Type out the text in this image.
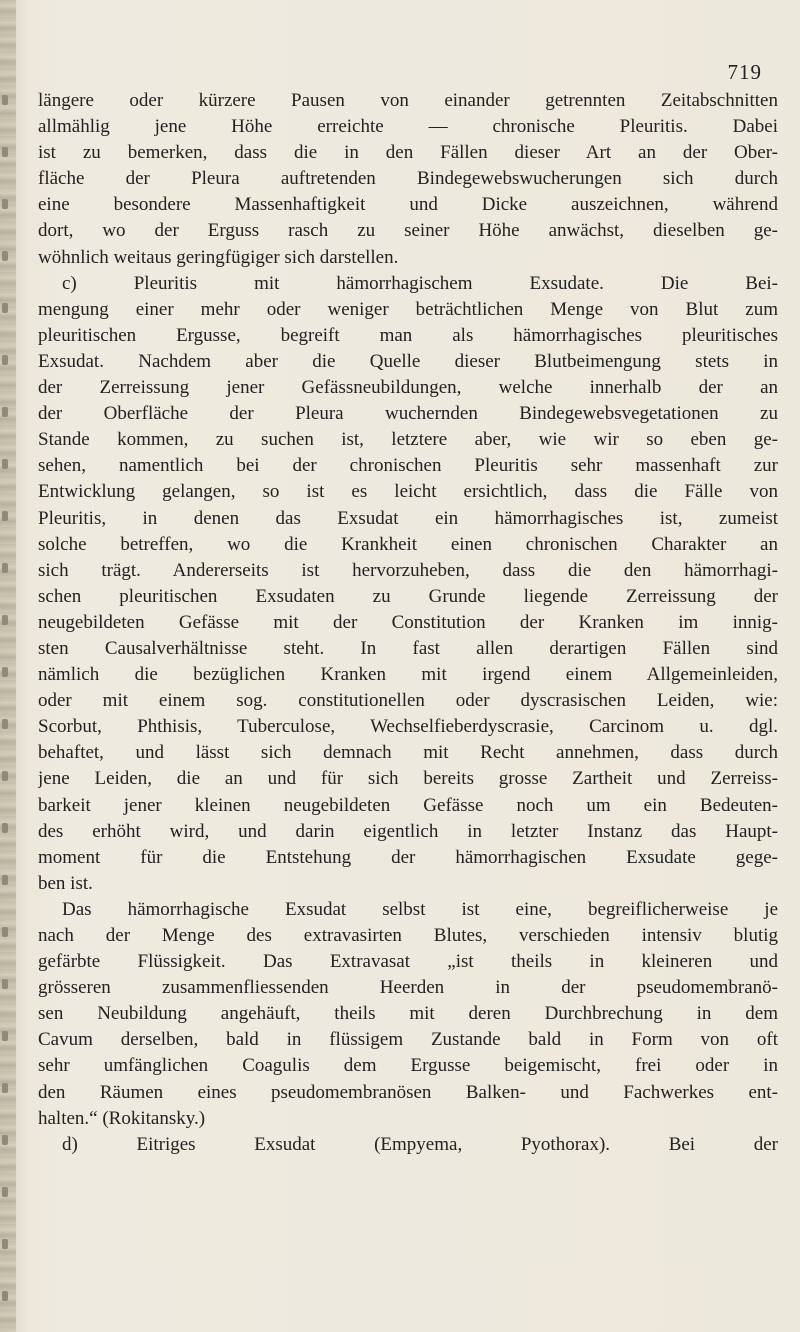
719
längere oder kürzere Pausen von einander getrennten Zeitabschnitten
allmählig jene Höhe erreichte — chronische Pleuritis. Dabei
ist zu bemerken, dass die in den Fällen dieser Art an der Ober-
fläche der Pleura auftretenden Bindegewebswucherungen sich durch
eine besondere Massenhaftigkeit und Dicke auszeichnen, während
dort, wo der Erguss rasch zu seiner Höhe anwächst, dieselben ge-
wöhnlich weitaus geringfügiger sich darstellen.
c) Pleuritis mit hämorrhagischem Exsudate. Die Bei-
mengung einer mehr oder weniger beträchtlichen Menge von Blut zum
pleuritischen Ergusse, begreift man als hämorrhagisches pleuritisches
Exsudat. Nachdem aber die Quelle dieser Blutbeimengung stets in
der Zerreissung jener Gefässneubildungen, welche innerhalb der an
der Oberfläche der Pleura wuchernden Bindegewebsvegetationen zu
Stande kommen, zu suchen ist, letztere aber, wie wir so eben ge-
sehen, namentlich bei der chronischen Pleuritis sehr massenhaft zur
Entwicklung gelangen, so ist es leicht ersichtlich, dass die Fälle von
Pleuritis, in denen das Exsudat ein hämorrhagisches ist, zumeist
solche betreffen, wo die Krankheit einen chronischen Charakter an
sich trägt. Andererseits ist hervorzuheben, dass die den hämorrhagi-
schen pleuritischen Exsudaten zu Grunde liegende Zerreissung der
neugebildeten Gefässe mit der Constitution der Kranken im innig-
sten Causalverhältnisse steht. In fast allen derartigen Fällen sind
nämlich die bezüglichen Kranken mit irgend einem Allgemeinleiden,
oder mit einem sog. constitutionellen oder dyscrasischen Leiden, wie:
Scorbut, Phthisis, Tuberculose, Wechselfieberdyscrasie, Carcinom u. dgl.
behaftet, und lässt sich demnach mit Recht annehmen, dass durch
jene Leiden, die an und für sich bereits grosse Zartheit und Zerreiss-
barkeit jener kleinen neugebildeten Gefässe noch um ein Bedeuten-
des erhöht wird, und darin eigentlich in letzter Instanz das Haupt-
moment für die Entstehung der hämorrhagischen Exsudate gege-
ben ist.
Das hämorrhagische Exsudat selbst ist eine, begreiflicherweise je
nach der Menge des extravasirten Blutes, verschieden intensiv blutig
gefärbte Flüssigkeit. Das Extravasat „ist theils in kleineren und
grösseren zusammenfliessenden Heerden in der pseudomembranö-
sen Neubildung angehäuft, theils mit deren Durchbrechung in dem
Cavum derselben, bald in flüssigem Zustande bald in Form von oft
sehr umfänglichen Coagulis dem Ergusse beigemischt, frei oder in
den Räumen eines pseudomembranösen Balken- und Fachwerkes ent-
halten.“ (Rokitansky.)
d) Eitriges Exsudat (Empyema, Pyothorax). Bei der
